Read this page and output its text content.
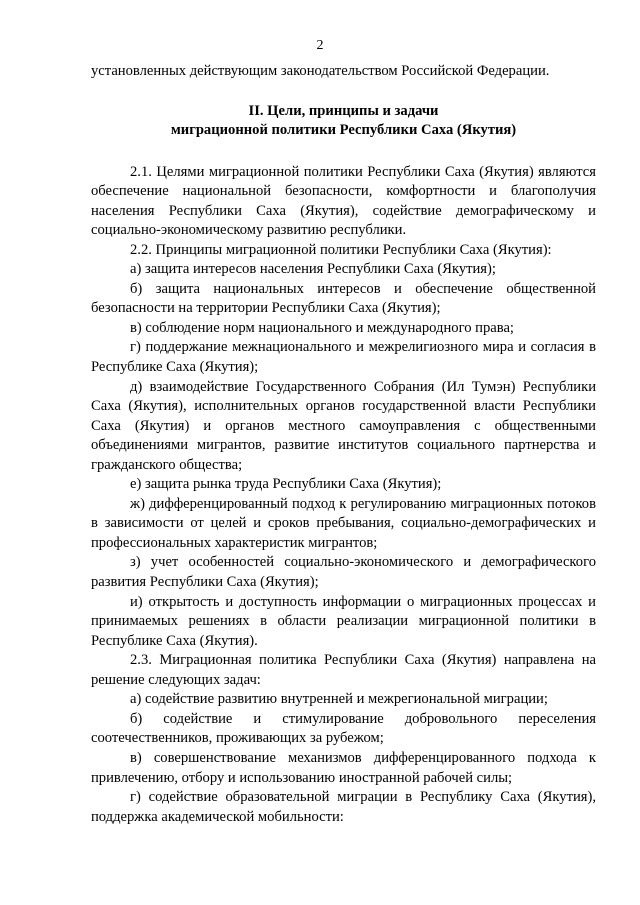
2

установленных действующим законодательством Российской Федерации.

II. Цели, принципы и задачи
миграционной политики Республики Саха (Якутия)

2.1. Целями миграционной политики Республики Саха (Якутия) являются обеспечение национальной безопасности, комфортности и благополучия населения Республики Саха (Якутия), содействие демографическому и социально-экономическому развитию республики.

2.2. Принципы миграционной политики Республики Саха (Якутия):

а) защита интересов населения Республики Саха (Якутия);

б) защита национальных интересов и обеспечение общественной безопасности на территории Республики Саха (Якутия);

в) соблюдение норм национального и международного права;

г) поддержание межнационального и межрелигиозного мира и согласия в Республике Саха (Якутия);

д) взаимодействие Государственного Собрания (Ил Тумэн) Республики Саха (Якутия), исполнительных органов государственной власти Республики Саха (Якутия) и органов местного самоуправления с общественными объединениями мигрантов, развитие институтов социального партнерства и гражданского общества;

е) защита рынка труда Республики Саха (Якутия);

ж) дифференцированный подход к регулированию миграционных потоков в зависимости от целей и сроков пребывания, социально-демографических и профессиональных характеристик мигрантов;

з) учет особенностей социально-экономического и демографического развития Республики Саха (Якутия);

и) открытость и доступность информации о миграционных процессах и принимаемых решениях в области реализации миграционной политики в Республике Саха (Якутия).

2.3. Миграционная политика Республики Саха (Якутия) направлена на решение следующих задач:

а) содействие развитию внутренней и межрегиональной миграции;

б) содействие и стимулирование добровольного переселения соотечественников, проживающих за рубежом;

в) совершенствование механизмов дифференцированного подхода к привлечению, отбору и использованию иностранной рабочей силы;

г) содействие образовательной миграции в Республику Саха (Якутия), поддержка академической мобильности:
